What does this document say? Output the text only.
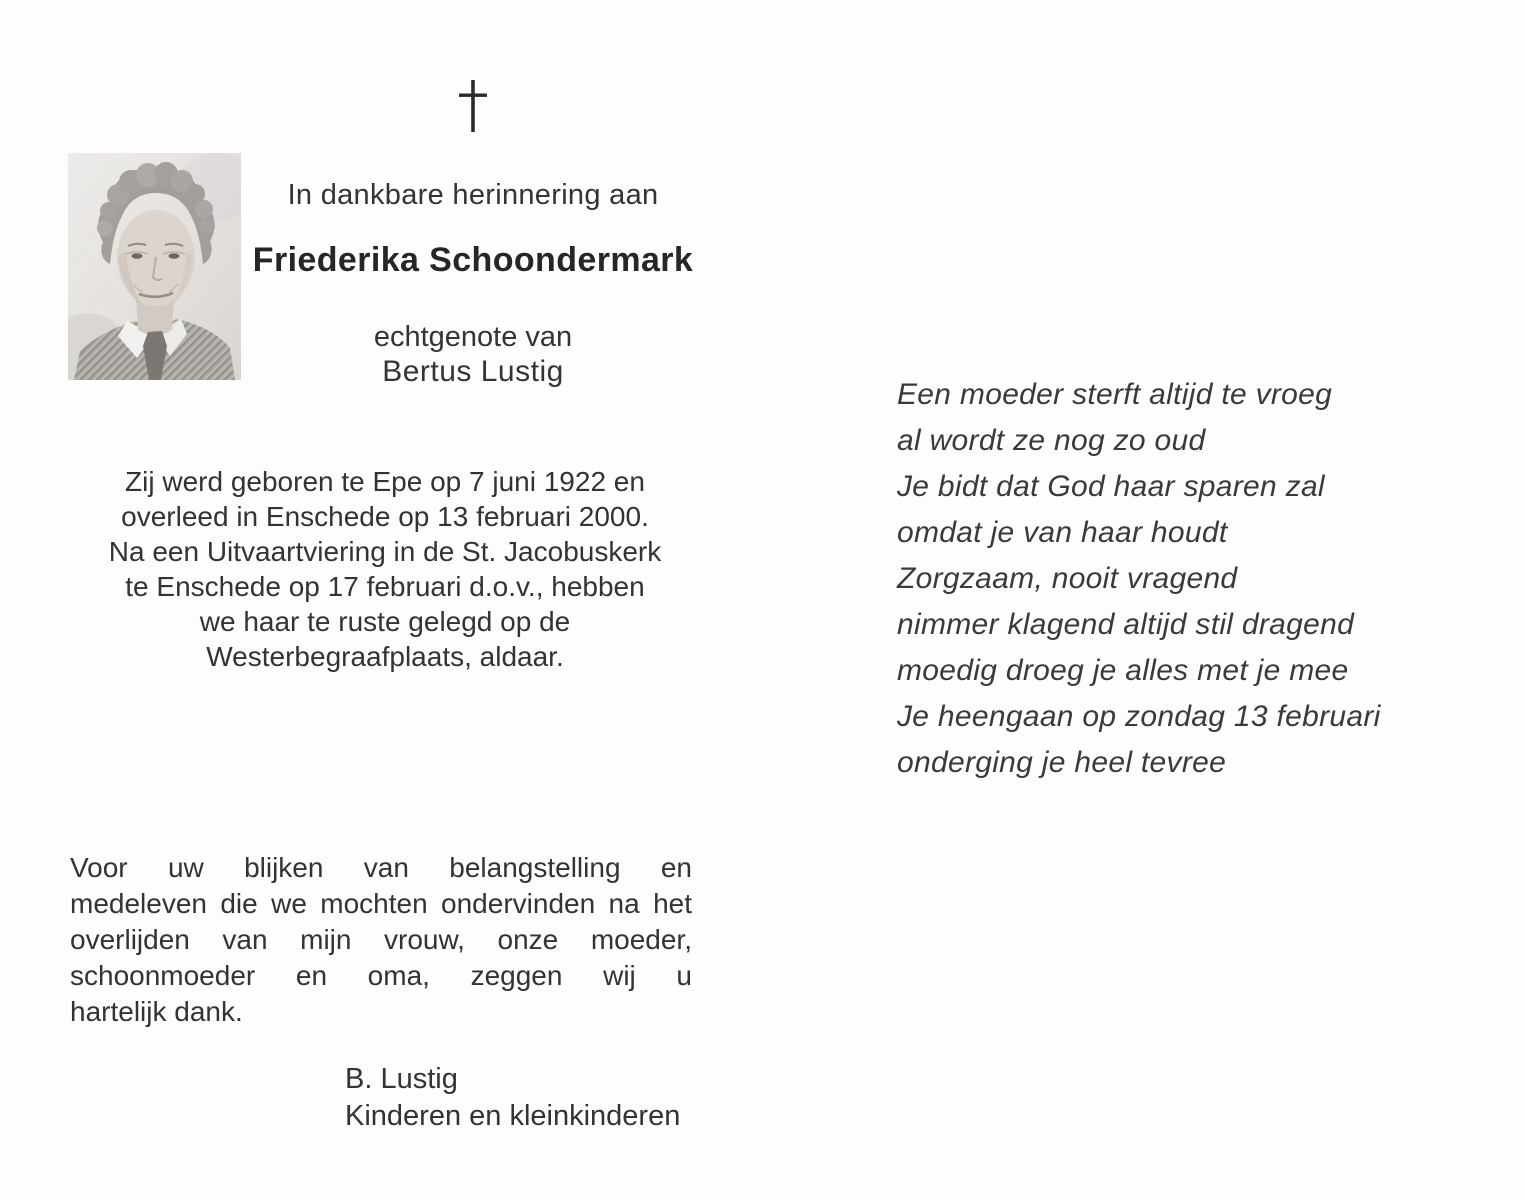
In dankbare herinnering aan
Friederika Schoondermark
echtgenote van
Bertus Lustig
Zij werd geboren te Epe op 7 juni 1922 en
overleed in Enschede op 13 februari 2000.
Na een Uitvaartviering in de St. Jacobuskerk
te Enschede op 17 februari d.o.v., hebben
we haar te ruste gelegd op de
Westerbegraafplaats, aldaar.
Een moeder sterft altijd te vroeg
al wordt ze nog zo oud
Je bidt dat God haar sparen zal
omdat je van haar houdt
Zorgzaam, nooit vragend
nimmer klagend altijd stil dragend
moedig droeg je alles met je mee
Je heengaan op zondag 13 februari
onderging je heel tevree
Voor uw blijken van belangstelling en
medeleven die we mochten ondervinden na het
overlijden van mijn vrouw, onze moeder,
schoonmoeder en oma, zeggen wij u
hartelijk dank.
B. Lustig
Kinderen en kleinkinderen
